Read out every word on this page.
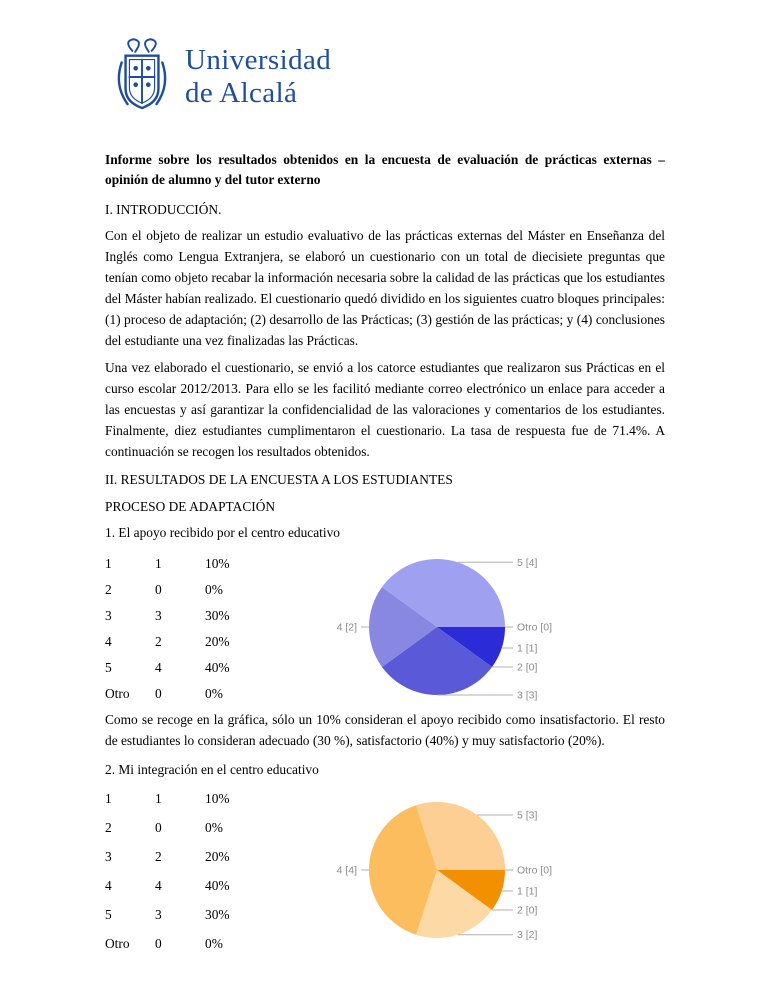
Universidad
de Alcalá

Informe sobre los resultados obtenidos en la encuesta de evaluación de prácticas externas – opinión de alumno y del tutor externo

I. INTRODUCCIÓN.

Con el objeto de realizar un estudio evaluativo de las prácticas externas del Máster en Enseñanza del Inglés como Lengua Extranjera, se elaboró un cuestionario con un total de diecisiete preguntas que tenían como objeto recabar la información necesaria sobre la calidad de las prácticas que los estudiantes del Máster habían realizado. El cuestionario quedó dividido en los siguientes cuatro bloques principales: (1) proceso de adaptación; (2) desarrollo de las Prácticas; (3) gestión de las prácticas; y (4) conclusiones del estudiante una vez finalizadas las Prácticas.

Una vez elaborado el cuestionario, se envió a los catorce estudiantes que realizaron sus Prácticas en el curso escolar 2012/2013. Para ello se les facilitó mediante correo electrónico un enlace para acceder a las encuestas y así garantizar la confidencialidad de las valoraciones y comentarios de los estudiantes. Finalmente, diez estudiantes cumplimentaron el cuestionario. La tasa de respuesta fue de 71.4%. A continuación se recogen los resultados obtenidos.

II. RESULTADOS DE LA ENCUESTA A LOS ESTUDIANTES

PROCESO DE ADAPTACIÓN

1. El apoyo recibido por el centro educativo

1	1	10%
2	0	0%
3	3	30%
4	2	20%
5	4	40%
Otro	0	0%
5 [4]
Otro [0]
1 [1]
2 [0]
3 [3]
4 [2]

Como se recoge en la gráfica, sólo un 10% consideran el apoyo recibido como insatisfactorio. El resto de estudiantes lo consideran adecuado (30 %), satisfactorio (40%) y muy satisfactorio (20%).

2. Mi integración en el centro educativo

1	1	10%
2	0	0%
3	2	20%
4	4	40%
5	3	30%
Otro	0	0%
5 [3]
Otro [0]
1 [1]
2 [0]
3 [2]
4 [4]
